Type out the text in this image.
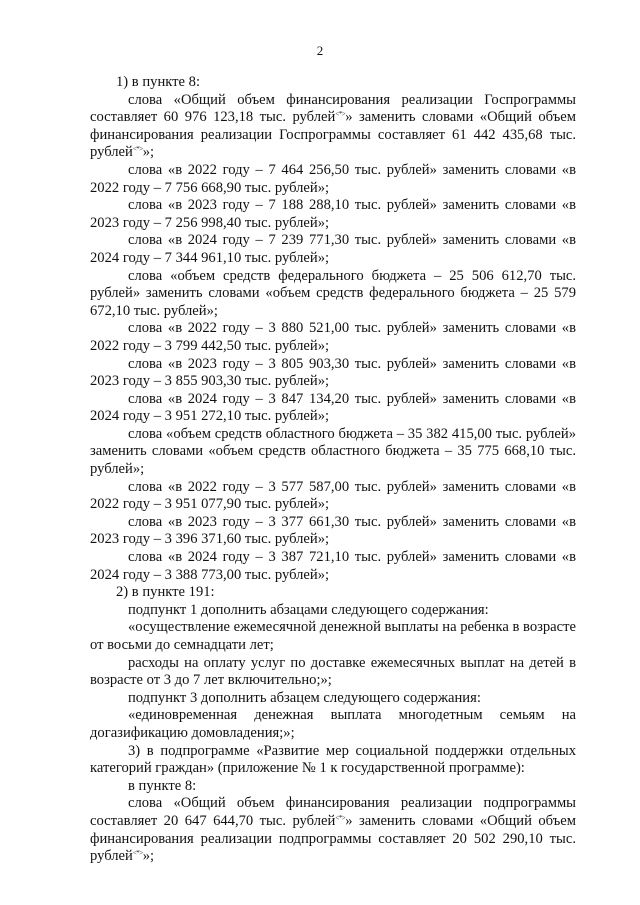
2

1) в пункте 8:

слова «Общий объем финансирования реализации Госпрограммы составляет 60 976 123,18 тыс. рублей<*>» заменить словами «Общий объем финансирования реализации Госпрограммы составляет 61 442 435,68 тыс. рублей<*>»;

слова «в 2022 году – 7 464 256,50 тыс. рублей» заменить словами «в 2022 году – 7 756 668,90 тыс. рублей»;

слова «в 2023 году – 7 188 288,10 тыс. рублей» заменить словами «в 2023 году – 7 256 998,40 тыс. рублей»;

слова «в 2024 году – 7 239 771,30 тыс. рублей» заменить словами «в 2024 году – 7 344 961,10 тыс. рублей»;

слова «объем средств федерального бюджета – 25 506 612,70 тыс. рублей» заменить словами «объем средств федерального бюджета – 25 579 672,10 тыс. рублей»;

слова «в 2022 году – 3 880 521,00 тыс. рублей» заменить словами «в 2022 году – 3 799 442,50 тыс. рублей»;

слова «в 2023 году – 3 805 903,30 тыс. рублей» заменить словами «в 2023 году – 3 855 903,30 тыс. рублей»;

слова «в 2024 году – 3 847 134,20 тыс. рублей» заменить словами «в 2024 году – 3 951 272,10 тыс. рублей»;

слова «объем средств областного бюджета – 35 382 415,00 тыс. рублей» заменить словами «объем средств областного бюджета – 35 775 668,10 тыс. рублей»;

слова «в 2022 году – 3 577 587,00 тыс. рублей» заменить словами «в 2022 году – 3 951 077,90 тыс. рублей»;

слова «в 2023 году – 3 377 661,30 тыс. рублей» заменить словами «в 2023 году – 3 396 371,60 тыс. рублей»;

слова «в 2024 году – 3 387 721,10 тыс. рублей» заменить словами «в 2024 году – 3 388 773,00 тыс. рублей»;

2) в пункте 191:

подпункт 1 дополнить абзацами следующего содержания:

«осуществление ежемесячной денежной выплаты на ребенка в возрасте от восьми до семнадцати лет;

расходы на оплату услуг по доставке ежемесячных выплат на детей в возрасте от 3 до 7 лет включительно;»;

подпункт 3 дополнить абзацем следующего содержания:

«единовременная денежная выплата многодетным семьям на догазификацию домовладения;»;

3) в подпрограмме «Развитие мер социальной поддержки отдельных категорий граждан» (приложение № 1 к государственной программе):

в пункте 8:

слова «Общий объем финансирования реализации подпрограммы составляет 20 647 644,70 тыс. рублей<*>» заменить словами «Общий объем финансирования реализации подпрограммы составляет 20 502 290,10 тыс. рублей<*>»;
